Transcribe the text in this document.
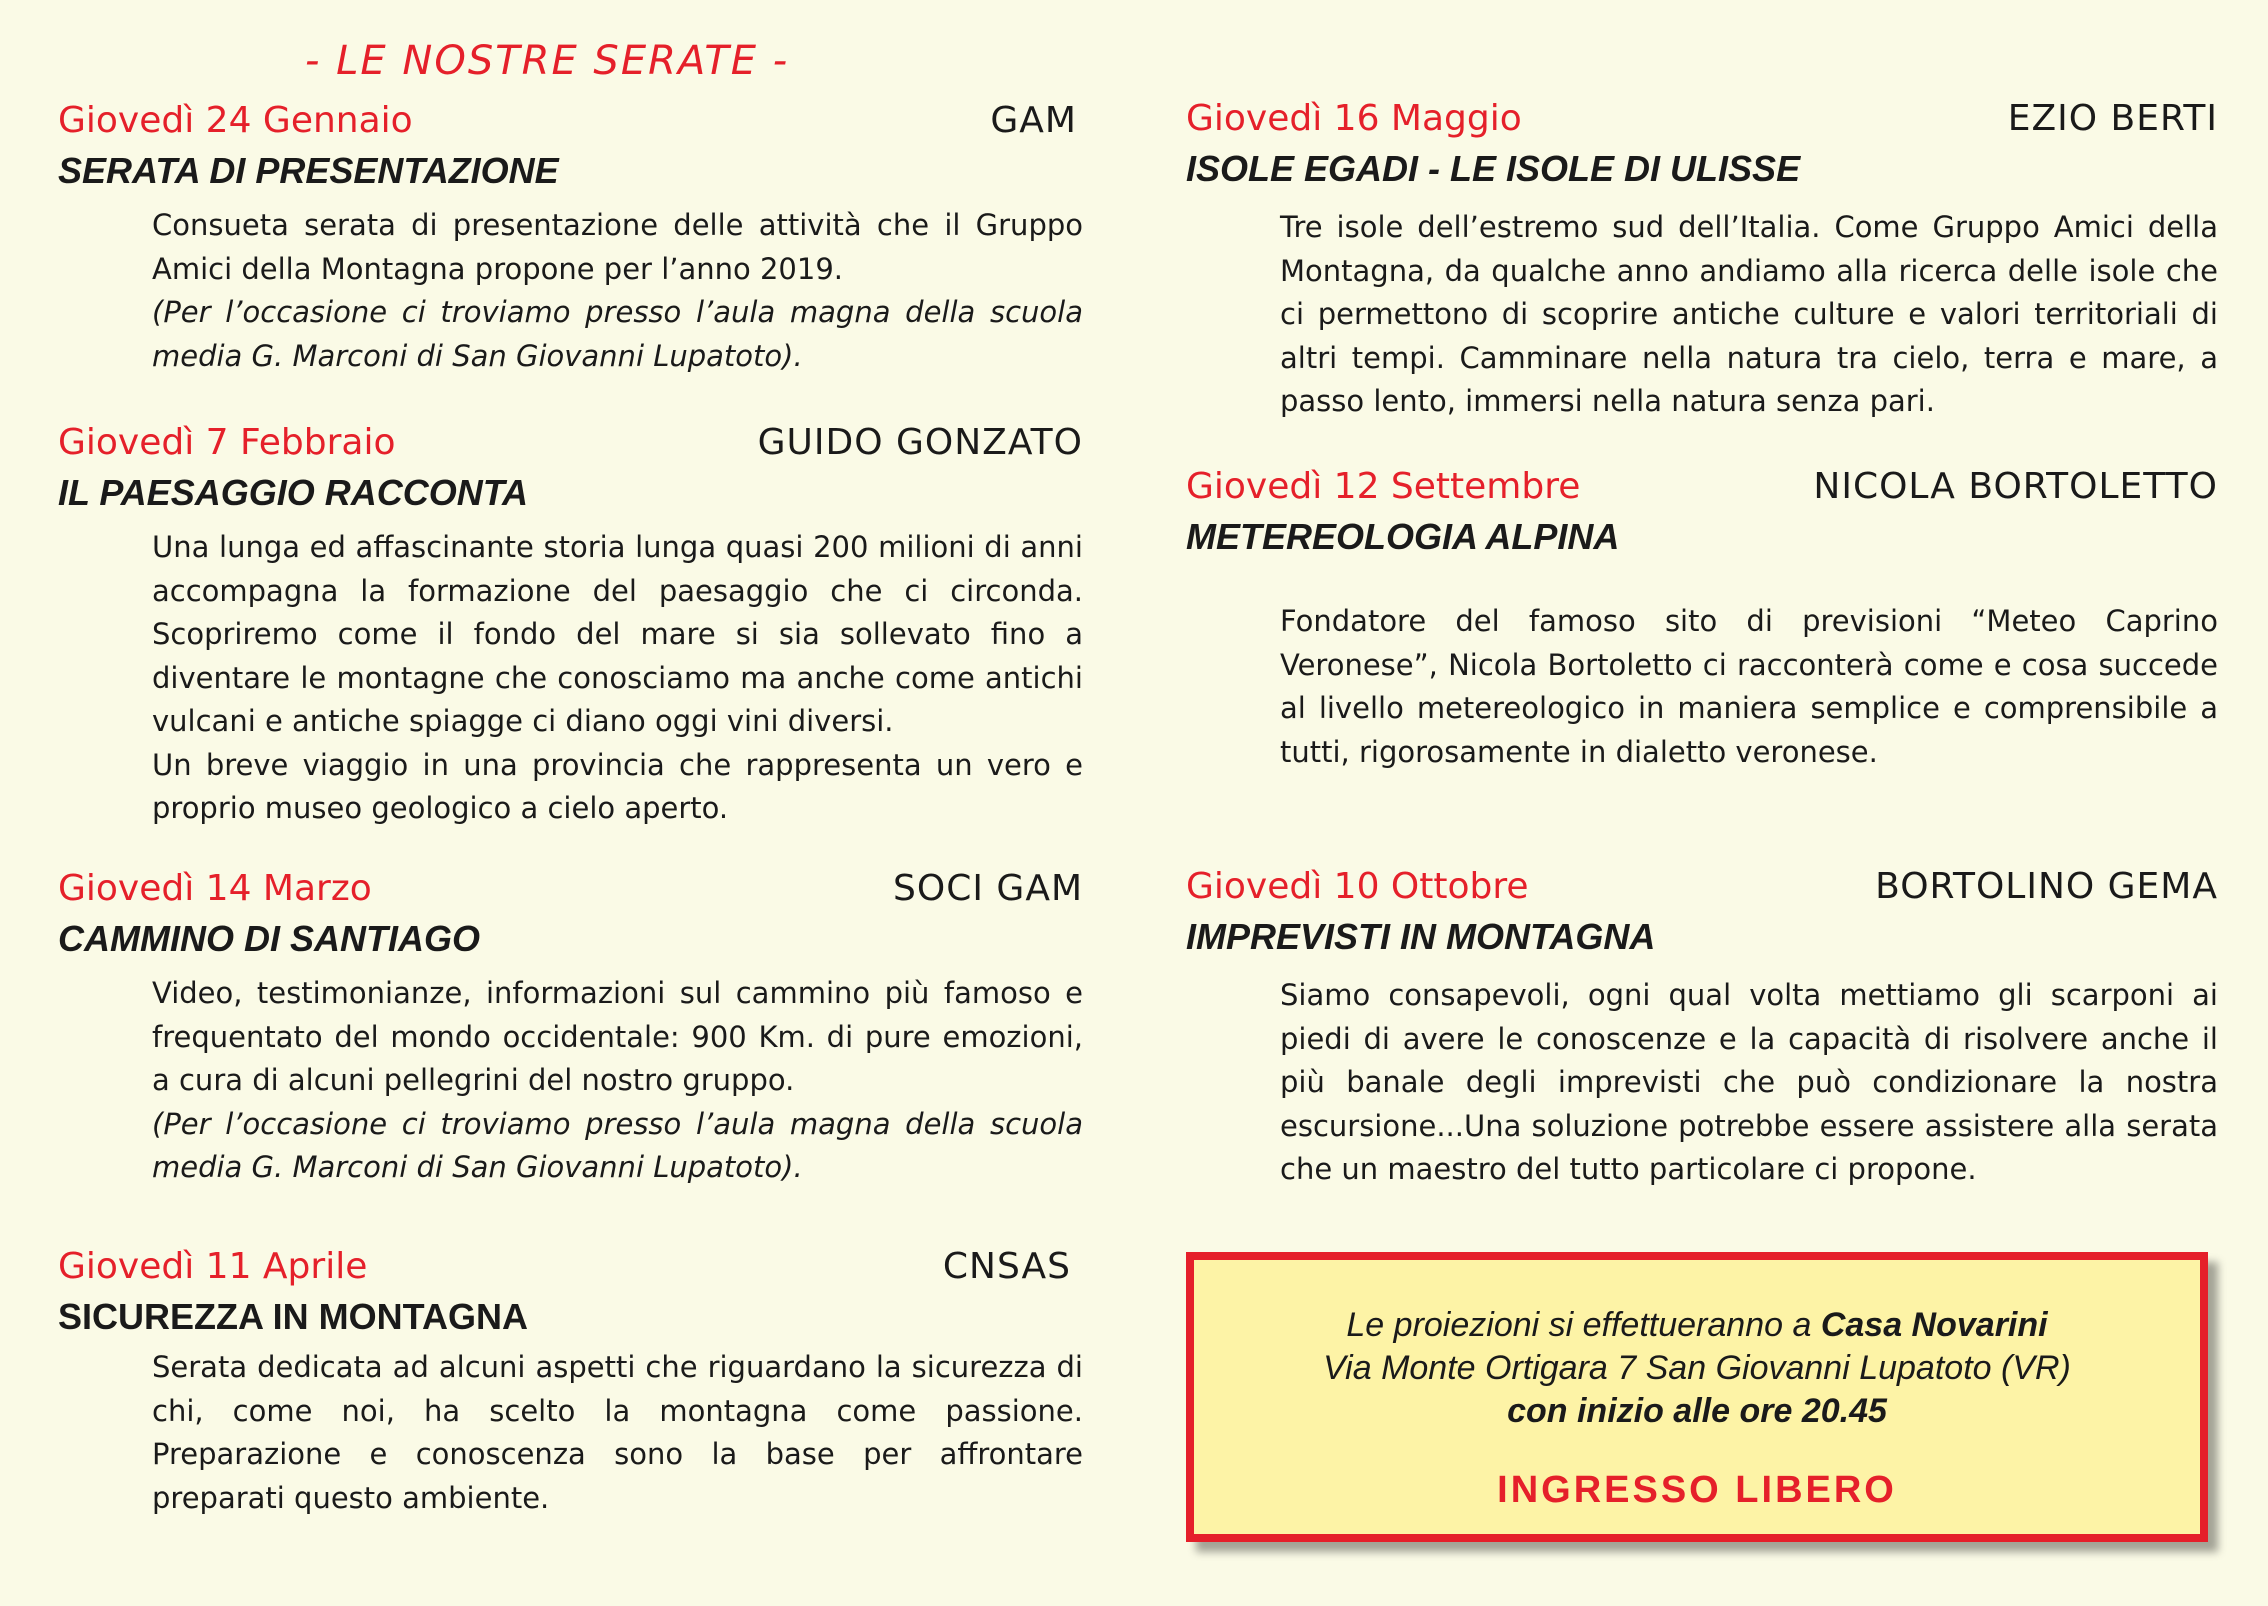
- LE NOSTRE SERATE -
Giovedì 24 Gennaio	GAM
SERATA DI PRESENTAZIONE

Consueta serata di presentazione delle attività che il Gruppo Amici della Montagna propone per l’anno 2019.

(Per l’occasione ci troviamo presso l’aula magna della scuola media G. Marconi di San Giovanni Lupatoto).

Giovedì 7 Febbraio	GUIDO GONZATO
IL PAESAGGIO RACCONTA

Una lunga ed affascinante storia lunga quasi 200 milioni di anni accompagna la formazione del paesaggio che ci circonda. Scopriremo come il fondo del mare si sia sollevato fino a diventare le montagne che conosciamo ma anche come antichi vulcani e antiche spiagge ci diano oggi vini diversi.

Un breve viaggio in una provincia che rappresenta un vero e proprio museo geologico a cielo aperto.

Giovedì 14 Marzo	SOCI GAM
CAMMINO DI SANTIAGO

Video, testimonianze, informazioni sul cammino più famoso e frequentato del mondo occidentale: 900 Km. di pure emozioni, a cura di alcuni pellegrini del nostro gruppo.

(Per l’occasione ci troviamo presso l’aula magna della scuola media G. Marconi di San Giovanni Lupatoto).

Giovedì 11 Aprile	CNSAS
SICUREZZA IN MONTAGNA

Serata dedicata ad alcuni aspetti che riguardano la sicurezza di chi, come noi, ha scelto la montagna come passione. Preparazione e conoscenza sono la base per affrontare preparati questo ambiente.

Giovedì 16 Maggio	EZIO BERTI
ISOLE EGADI - LE ISOLE DI ULISSE

Tre isole dell’estremo sud dell’Italia. Come Gruppo Amici della Montagna, da qualche anno andiamo alla ricerca delle isole che ci permettono di scoprire antiche culture e valori territoriali di altri tempi. Camminare nella natura tra cielo, terra e mare, a passo lento, immersi nella natura senza pari.

Giovedì 12 Settembre	NICOLA BORTOLETTO
METEREOLOGIA ALPINA

Fondatore del famoso sito di previsioni “Meteo Caprino Veronese”, Nicola Bortoletto ci racconterà come e cosa succede al livello metereologico in maniera semplice e comprensibile a tutti, rigorosamente in dialetto veronese.

Giovedì 10 Ottobre	BORTOLINO GEMA
IMPREVISTI IN MONTAGNA

Siamo consapevoli, ogni qual volta mettiamo gli scarponi ai piedi di avere le conoscenze e la capacità di risolvere anche il più banale degli imprevisti che può condizionare la nostra escursione...Una soluzione potrebbe essere assistere alla serata che un maestro del tutto particolare ci propone.

Le proiezioni si effettueranno a Casa Novarini
Via Monte Ortigara 7 San Giovanni Lupatoto (VR)
con inizio alle ore 20.45
INGRESSO LIBERO
